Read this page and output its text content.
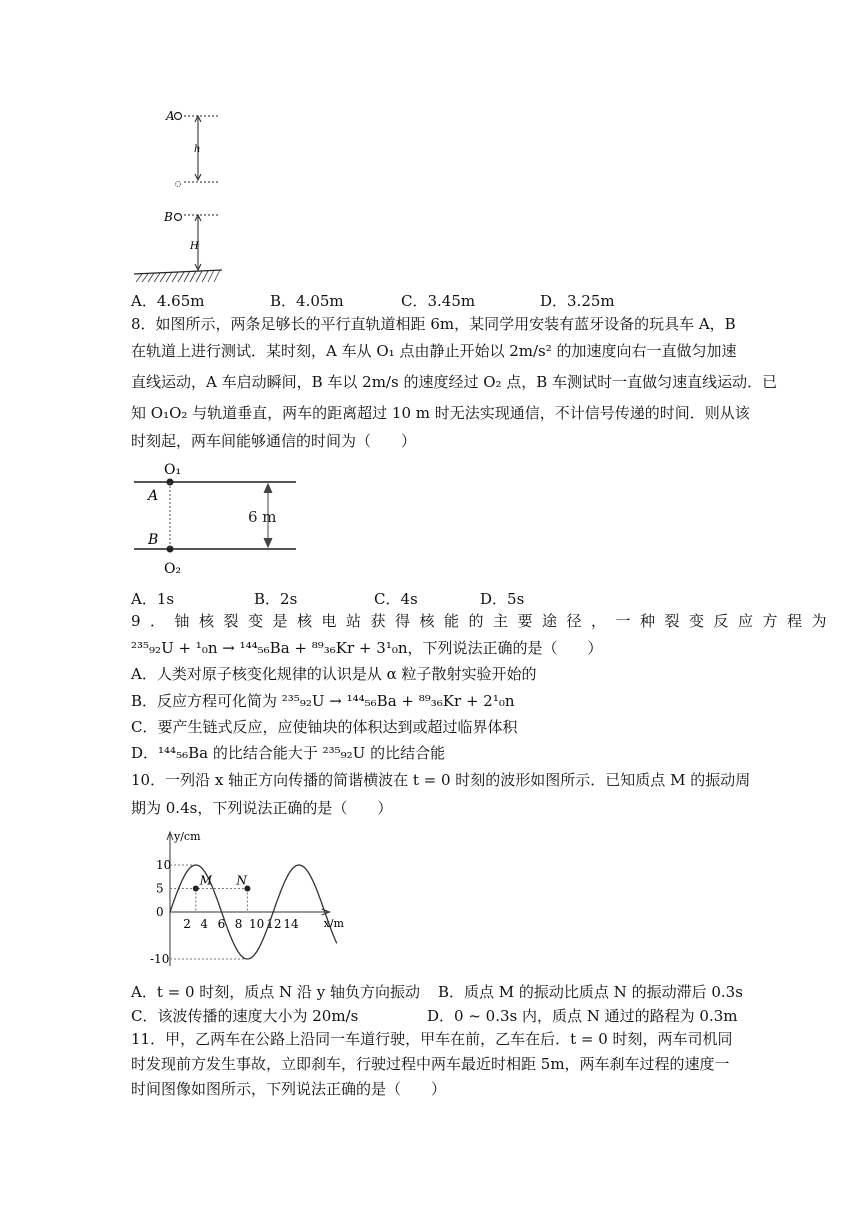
A
h
B
H
A．4.65m	B．4.05m	C．3.45m	D．3.25m
8．如图所示，两条足够长的平行直轨道相距 6m，某同学用安装有蓝牙设备的玩具车 A，B
在轨道上进行测试．某时刻，A 车从 O₁ 点由静止开始以 2m/s² 的加速度向右一直做匀加速
直线运动，A 车启动瞬间，B 车以 2m/s 的速度经过 O₂ 点，B 车测试时一直做匀速直线运动．已
知 O₁O₂ 与轨道垂直，两车的距离超过 10 m 时无法实现通信，不计信号传递的时间．则从该
时刻起，两车间能够通信的时间为（　　）
O₁
A
B
O₂
6 m
A．1s	B．2s	C．4s	D．5s
9．铀核裂变是核电站获得核能的主要途径，一种裂变反应方程为
²³⁵₉₂U + ¹₀n → ¹⁴⁴₅₆Ba + ⁸⁹₃₆Kr + 3¹₀n，下列说法正确的是（　　）
A．人类对原子核变化规律的认识是从 α 粒子散射实验开始的
B．反应方程可化简为 ²³⁵₉₂U → ¹⁴⁴₅₆Ba + ⁸⁹₃₆Kr + 2¹₀n
C．要产生链式反应，应使铀块的体积达到或超过临界体积
D．¹⁴⁴₅₆Ba 的比结合能大于 ²³⁵₉₂U 的比结合能
10．一列沿 x 轴正方向传播的简谐横波在 t = 0 时刻的波形如图所示．已知质点 M 的振动周
期为 0.4s，下列说法正确的是（　　）
y/cm
x/m
10
5
0
-10
2 4 6 8 10 12 14
M N
A．t = 0 时刻，质点 N 沿 y 轴负方向振动 B．质点 M 的振动比质点 N 的振动滞后 0.3s
C．该波传播的速度大小为 20m/s	D．0 ~ 0.3s 内，质点 N 通过的路程为 0.3m
11．甲，乙两车在公路上沿同一车道行驶，甲车在前，乙车在后．t = 0 时刻，两车司机同
时发现前方发生事故，立即刹车，行驶过程中两车最近时相距 5m，两车刹车过程的速度一
时间图像如图所示，下列说法正确的是（　　）
